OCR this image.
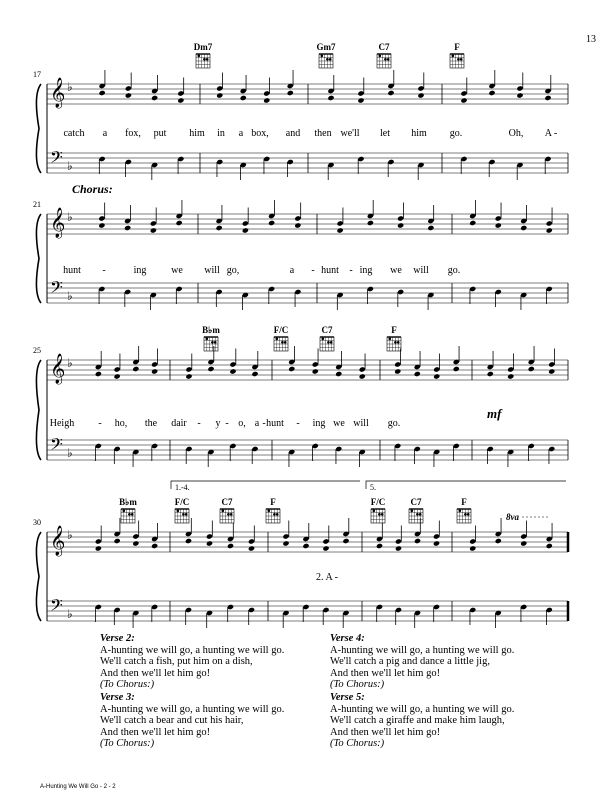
13
Chorus:
𝄞 ♭
𝄢 ♭
17
Dm7	Gm7	C7	F
catch a fox, put him in a box, and then we'll let him go.	Oh, A -
𝄞 ♭
𝄢 ♭
21
hunt -	ing we will go,	a - hunt - ing we will go.
𝄞 ♭
𝄢 ♭
25
B♭m	F/C	C7	F
Heigh - ho, the dair - y - o, a - hunt - ing we will go.
mf
𝄞 ♭
𝄢 ♭
30
B♭m	F/C	C7	F	F/C	C7	F
2. A -
1.-4.	5.
8va
Verse 2:
A-hunting we will go, a hunting we will go.
We'll catch a fish, put him on a dish,
And then we'll let him go!
(To Chorus:)
Verse 3:
A-hunting we will go, a hunting we will go.
We'll catch a bear and cut his hair,
And then we'll let him go!
(To Chorus:)
Verse 4:
A-hunting we will go, a hunting we will go.
We'll catch a pig and dance a little jig,
And then we'll let him go!
(To Chorus:)
Verse 5:
A-hunting we will go, a hunting we will go.
We'll catch a giraffe and make him laugh,
And then we'll let him go!
(To Chorus:)
A-Hunting We Will Go - 2 - 2
